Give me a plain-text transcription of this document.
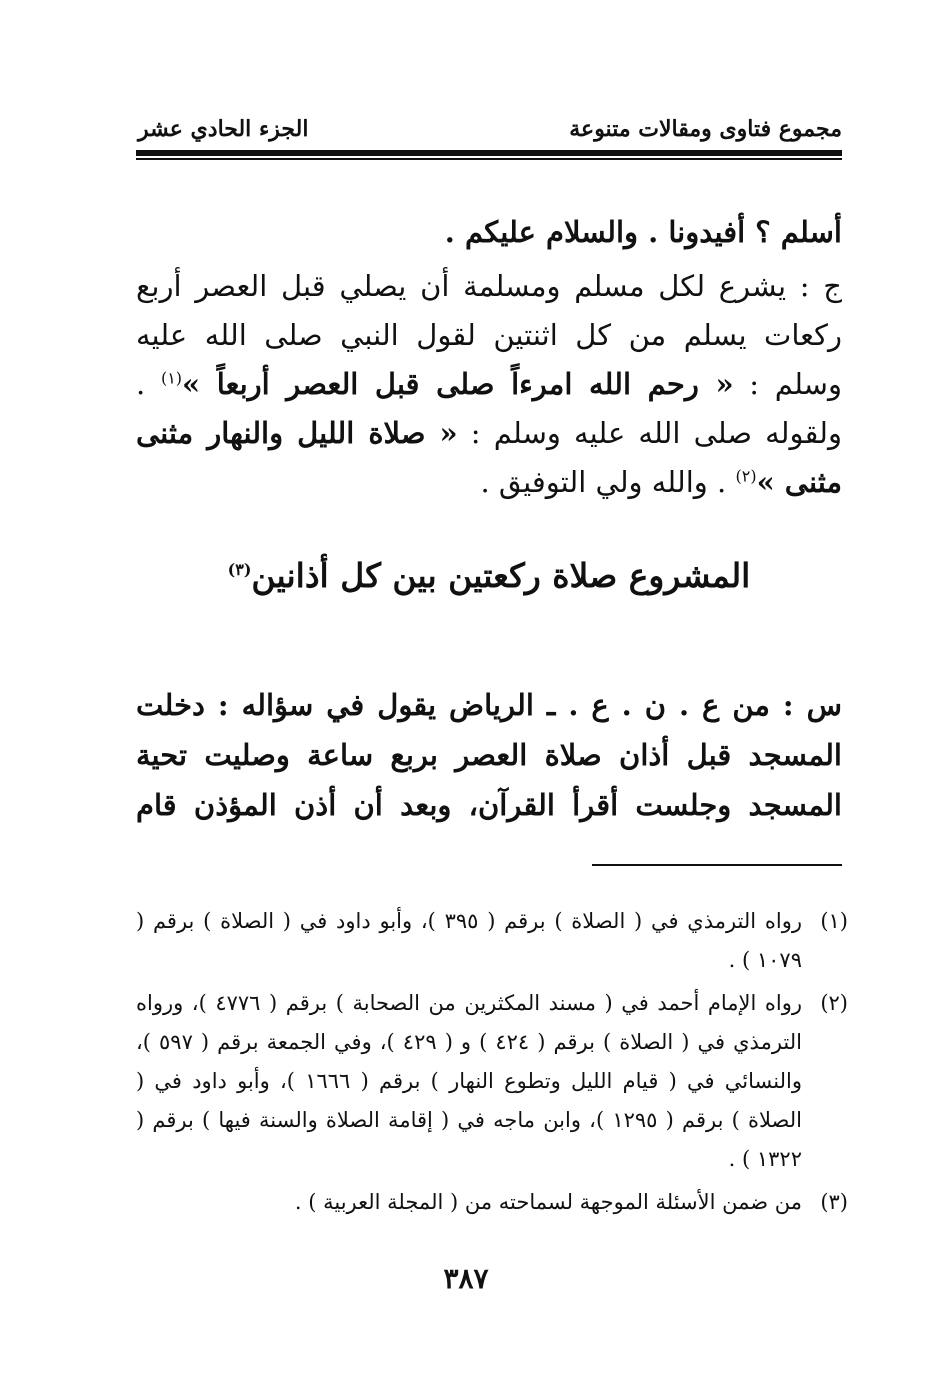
مجموع فتاوى ومقالات متنوعة
الجزء الحادي عشر
أسلم ؟ أفيدونا . والسلام عليكم .
ج : يشرع لكل مسلم ومسلمة أن يصلي قبل العصر أربع ركعات يسلم من كل اثنتين لقول النبي صلى الله عليه وسلم : « رحم الله امرءاً صلى قبل العصر أربعاً »$^{(١)}$ . ولقوله صلى الله عليه وسلم : « صلاة الليل والنهار مثنى مثنى »$^{(٢)}$ . والله ولي التوفيق .
المشروع صلاة ركعتين بين كل أذانين$^{(٣)}$
س : من ع . ن . ع . ـ الرياض يقول في سؤاله : دخلت المسجد قبل أذان صلاة العصر بربع ساعة وصليت تحية المسجد وجلست أقرأ القرآن، وبعد أن أذن المؤذن قام
(١)
رواه الترمذي في ( الصلاة ) برقم ( ٣٩٥ )، وأبو داود في ( الصلاة ) برقم ( ١٠٧٩ ) .
(٢)
رواه الإمام أحمد في ( مسند المكثرين من الصحابة ) برقم ( ٤٧٧٦ )، ورواه الترمذي في ( الصلاة ) برقم ( ٤٢٤ ) و ( ٤٢٩ )، وفي الجمعة برقم ( ٥٩٧ )، والنسائي في ( قيام الليل وتطوع النهار ) برقم ( ١٦٦٦ )، وأبو داود في ( الصلاة ) برقم ( ١٢٩٥ )، وابن ماجه في ( إقامة الصلاة والسنة فيها ) برقم ( ١٣٢٢ ) .
(٣)
من ضمن الأسئلة الموجهة لسماحته من ( المجلة العربية ) .
٣٨٧
